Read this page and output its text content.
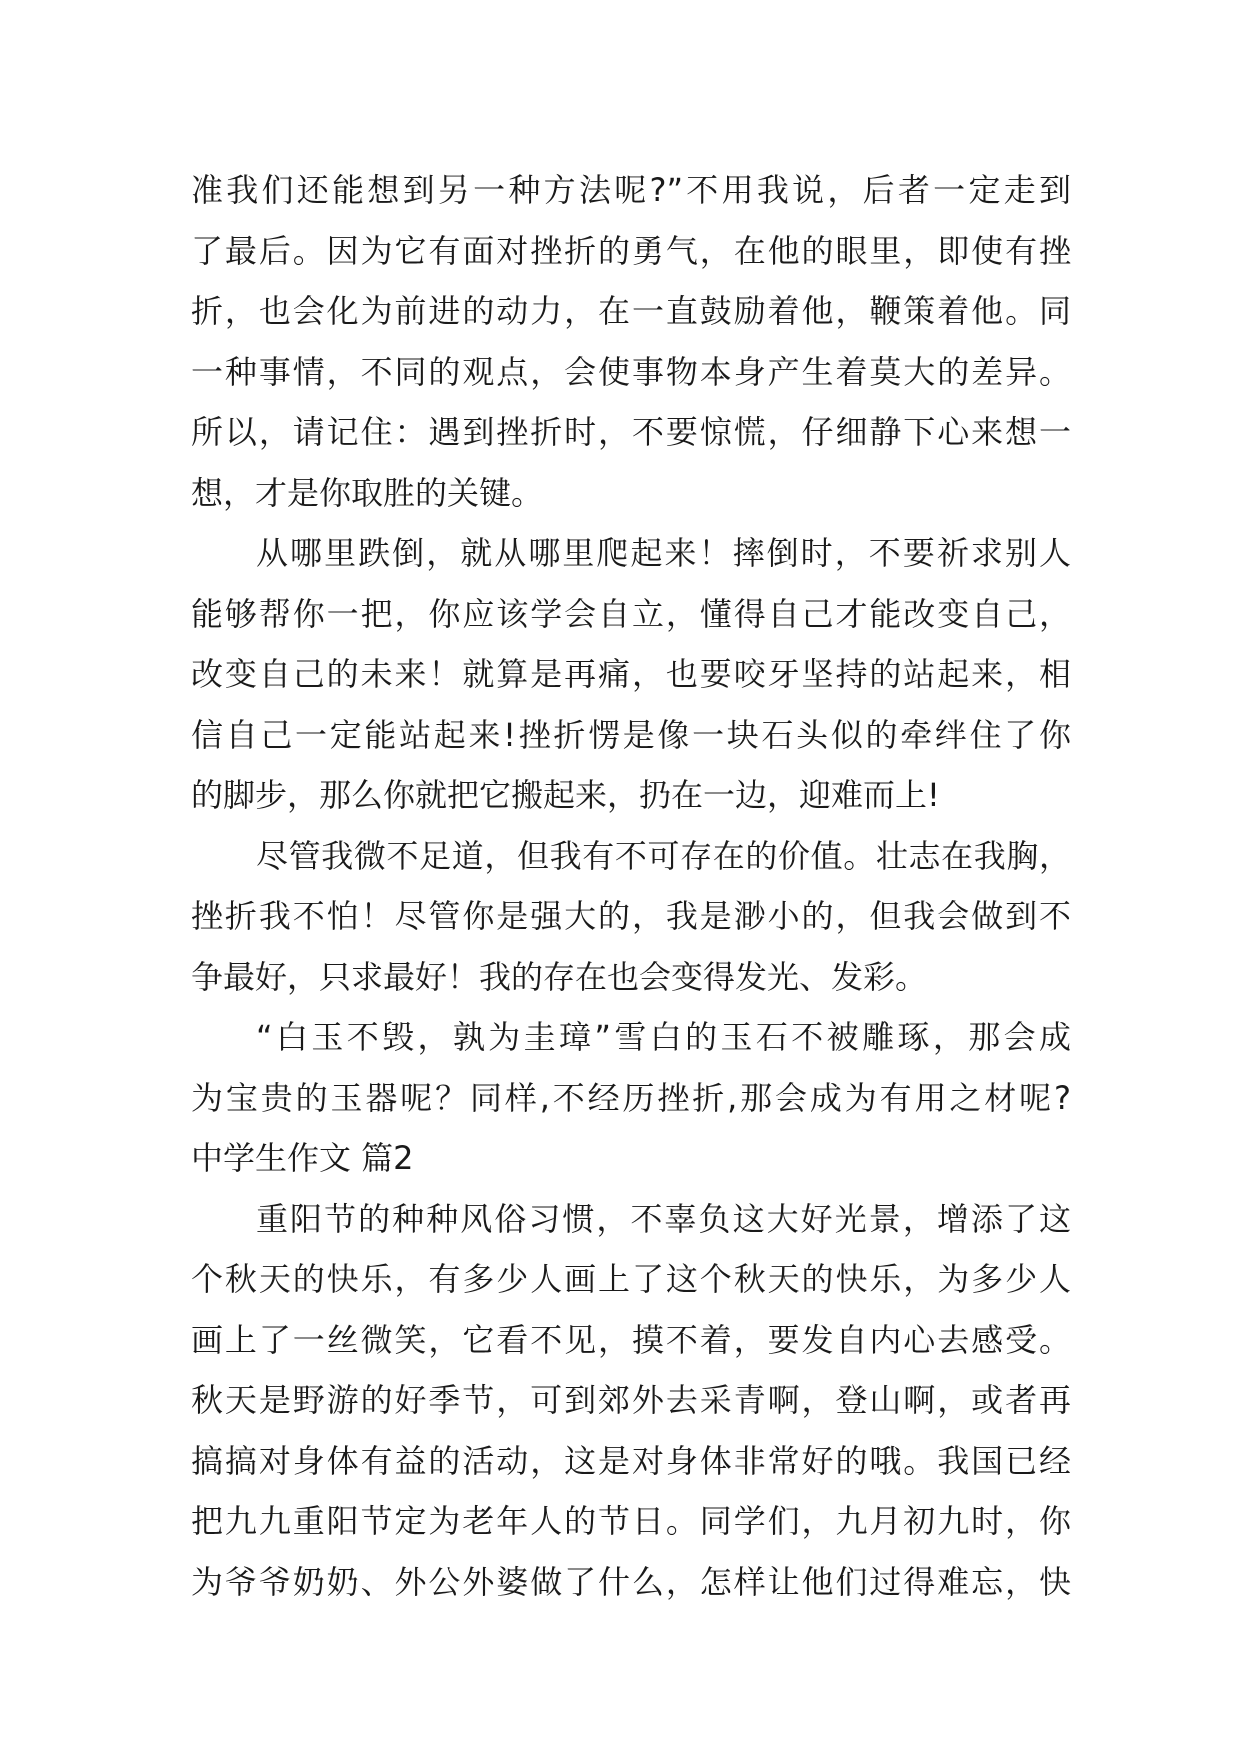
准我们还能想到另一种方法呢?”不用我说，后者一定走到
了最后。因为它有面对挫折的勇气，在他的眼里，即使有挫
折，也会化为前进的动力，在一直鼓励着他，鞭策着他。同
一种事情，不同的观点，会使事物本身产生着莫大的差异。
所以，请记住：遇到挫折时，不要惊慌，仔细静下心来想一
想，才是你取胜的关键。
从哪里跌倒，就从哪里爬起来！摔倒时，不要祈求别人
能够帮你一把，你应该学会自立，懂得自己才能改变自己，
改变自己的未来！就算是再痛，也要咬牙坚持的站起来，相
信自己一定能站起来!挫折愣是像一块石头似的牵绊住了你
的脚步，那么你就把它搬起来，扔在一边，迎难而上!
尽管我微不足道，但我有不可存在的价值。壮志在我胸，
挫折我不怕！尽管你是强大的，我是渺小的，但我会做到不
争最好，只求最好！我的存在也会变得发光、发彩。
“白玉不毁，孰为圭璋”雪白的玉石不被雕琢，那会成
为宝贵的玉器呢？同样,不经历挫折,那会成为有用之材呢?
中学生作文 篇2
重阳节的种种风俗习惯，不辜负这大好光景，增添了这
个秋天的快乐，有多少人画上了这个秋天的快乐，为多少人
画上了一丝微笑，它看不见，摸不着，要发自内心去感受。
秋天是野游的好季节，可到郊外去采青啊，登山啊，或者再
搞搞对身体有益的活动，这是对身体非常好的哦。我国已经
把九九重阳节定为老年人的节日。同学们，九月初九时，你
为爷爷奶奶、外公外婆做了什么，怎样让他们过得难忘，快
